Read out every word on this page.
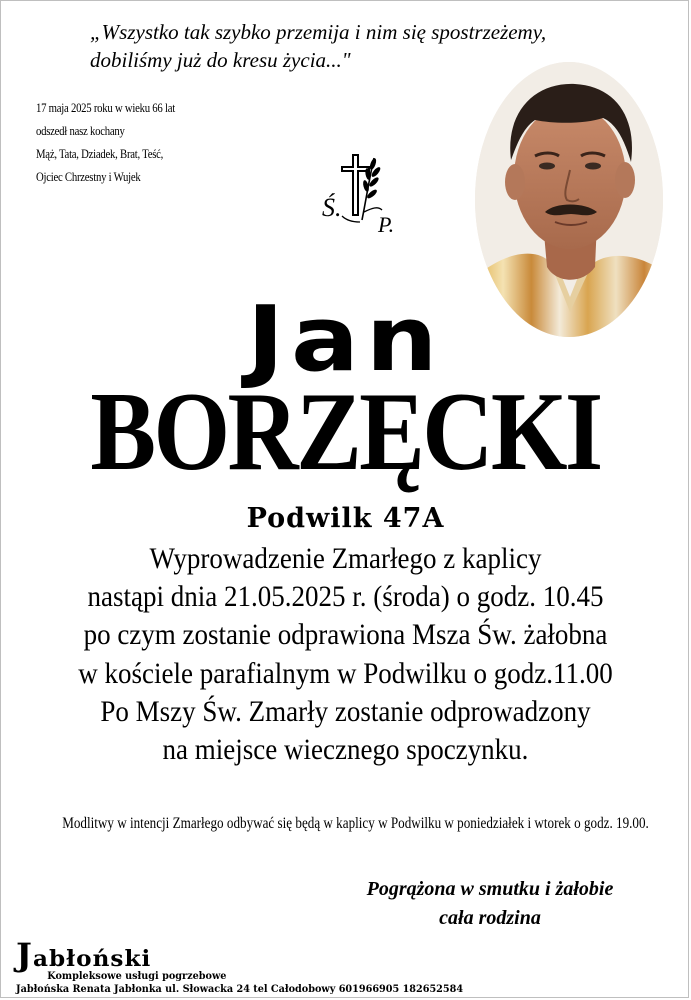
„Wszystko tak szybko przemija i nim się spostrzeżemy,
dobiliśmy już do kresu życia..."
17 maja 2025 roku w wieku 66 lat
odszedł nasz kochany
Mąż, Tata, Dziadek, Brat, Teść,
Ojciec Chrzestny i Wujek
Ś.
P.
Jan
BORZĘCKI
Podwilk 47A
Wyprowadzenie Zmarłego z kaplicy
nastąpi dnia 21.05.2025 r. (środa) o godz. 10.45
po czym zostanie odprawiona Msza Św. żałobna
w kościele parafialnym w Podwilku o godz.11.00
Po Mszy Św. Zmarły zostanie odprowadzony
na miejsce wiecznego spoczynku.
Modlitwy w intencji Zmarłego odbywać się będą w kaplicy w Podwilku w poniedziałek i wtorek o godz. 19.00.
Pogrążona w smutku i żałobie
cała rodzina
Jabłoński
Kompleksowe usługi pogrzebowe
Jabłońska Renata Jabłonka ul. Słowacka 24 tel Całodobowy 601966905 182652584
